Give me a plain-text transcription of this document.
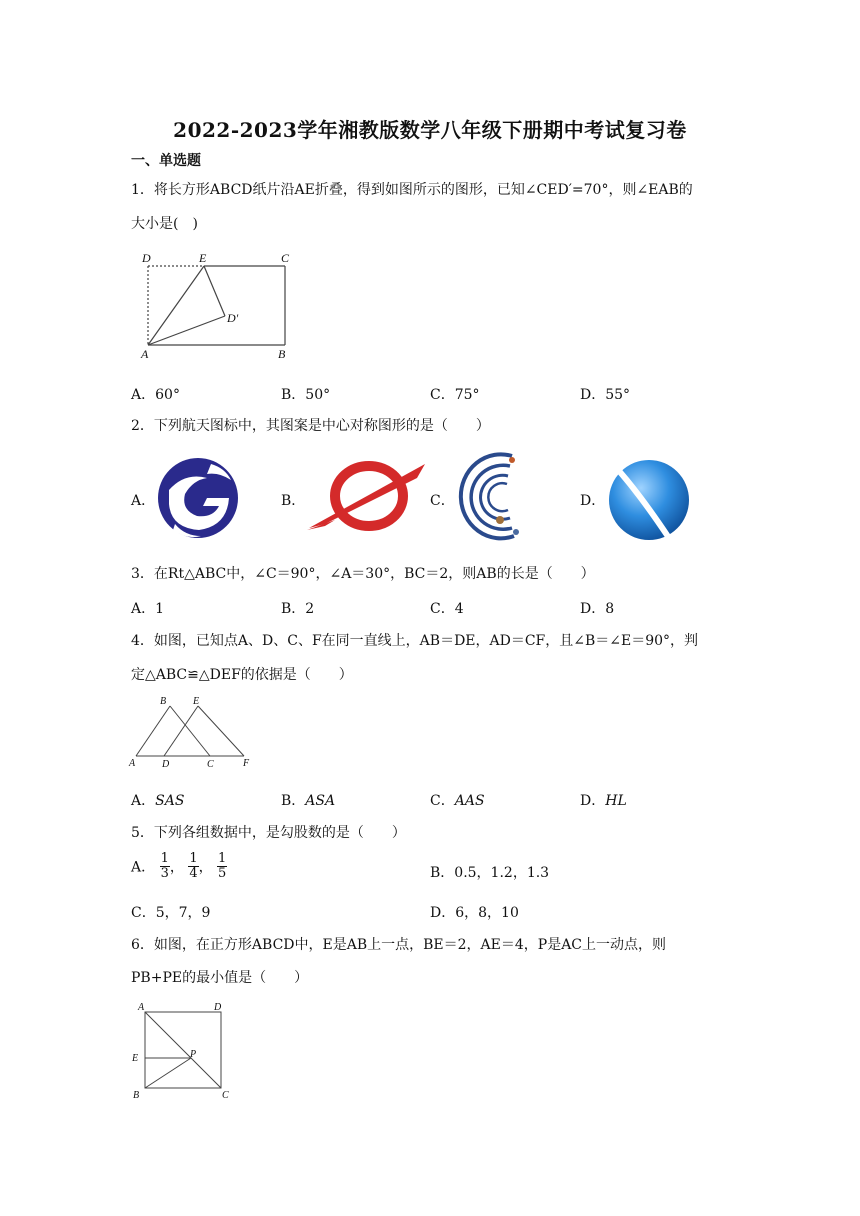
2022-2023学年湘教版数学八年级下册期中考试复习卷
一、单选题
1．将长方形ABCD纸片沿AE折叠，得到如图所示的图形，已知∠CED′=70°，则∠EAB的
大小是(　)
D	E	C
D'
A	B
A．60°	B．50°	C．75°	D．55°
2．下列航天图标中，其图案是中心对称图形的是（　　）
A．	B．	C．	D．
3．在Rt△ABC中，∠C＝90°，∠A＝30°，BC＝2，则AB的长是（　　）
A．1	B．2	C．4	D．8
4．如图，已知点A、D、C、F在同一直线上，AB＝DE，AD＝CF，且∠B＝∠E＝90°，判
定△ABC≌△DEF的依据是（　　）
B	E
A	D	C	F
A．SAS	B．ASA	C．AAS	D．HL
5．下列各组数据中，是勾股数的是（　　）
A． $\frac{1}{3}$ ， $\frac{1}{4}$ ， $\frac{1}{5}$	B．0.5，1.2，1.3
C．5，7，9	D．6，8，10
6．如图，在正方形ABCD中，E是AB上一点，BE＝2，AE＝4，P是AC上一动点，则
PB+PE的最小值是（　　）
A	D
E	P
B	C
